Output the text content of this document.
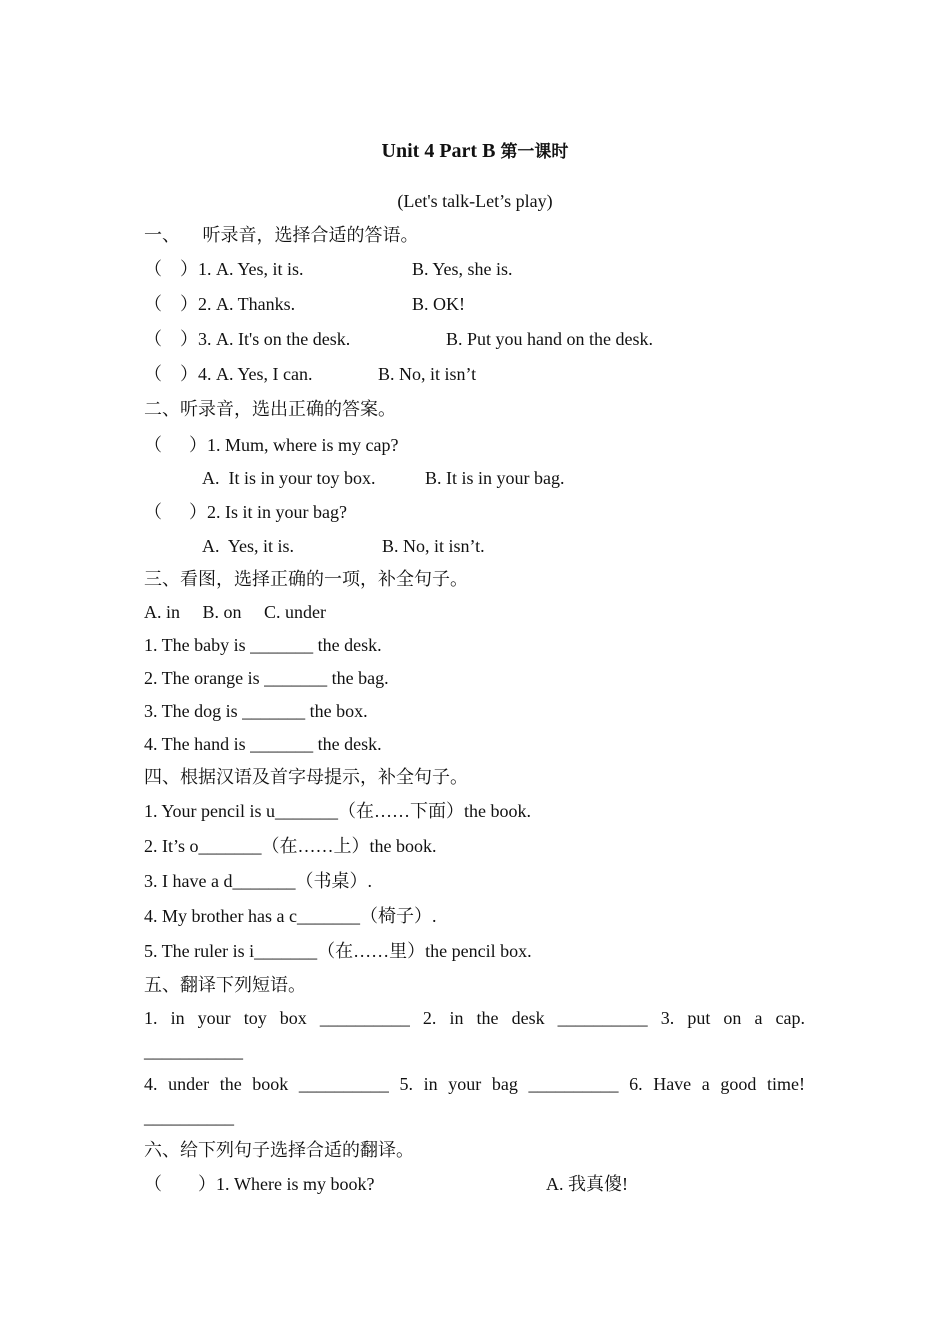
Unit 4 Part B 第一课时
(Let's talk-Let’s play)
一、     听录音，选择合适的答语。
（    ）1. A. Yes, it is.	B. Yes, she is.
（    ）2. A. Thanks.	B. OK!
（    ）3. A. It's on the desk.	B. Put you hand on the desk.
（    ）4. A. Yes, I can.	B. No, it isn’t
二、听录音，选出正确的答案。
（      ）1. Mum, where is my cap?
A.  It is in your toy box.	B. It is in your bag.
（      ）2. Is it in your bag?
A.  Yes, it is.	B. No, it isn’t.
三、看图，选择正确的一项，补全句子。
A. in     B. on     C. under
1. The baby is _______ the desk.
2. The orange is _______ the bag.
3. The dog is _______ the box.
4. The hand is _______ the desk.
四、根据汉语及首字母提示，补全句子。
1. Your pencil is u_______（在……下面）the book.
2. It’s o_______（在……上）the book.
3. I have a d_______（书桌）.
4. My brother has a c_______（椅子）.
5. The ruler is i_______（在……里）the pencil box.
五、翻译下列短语。
1. in your toy box __________ 2. in the desk __________ 3. put on a cap.
___________
4. under the book __________ 5. in your bag __________ 6. Have a good time!
__________
六、给下列句子选择合适的翻译。
（        ）1. Where is my book?	A. 我真傻!
